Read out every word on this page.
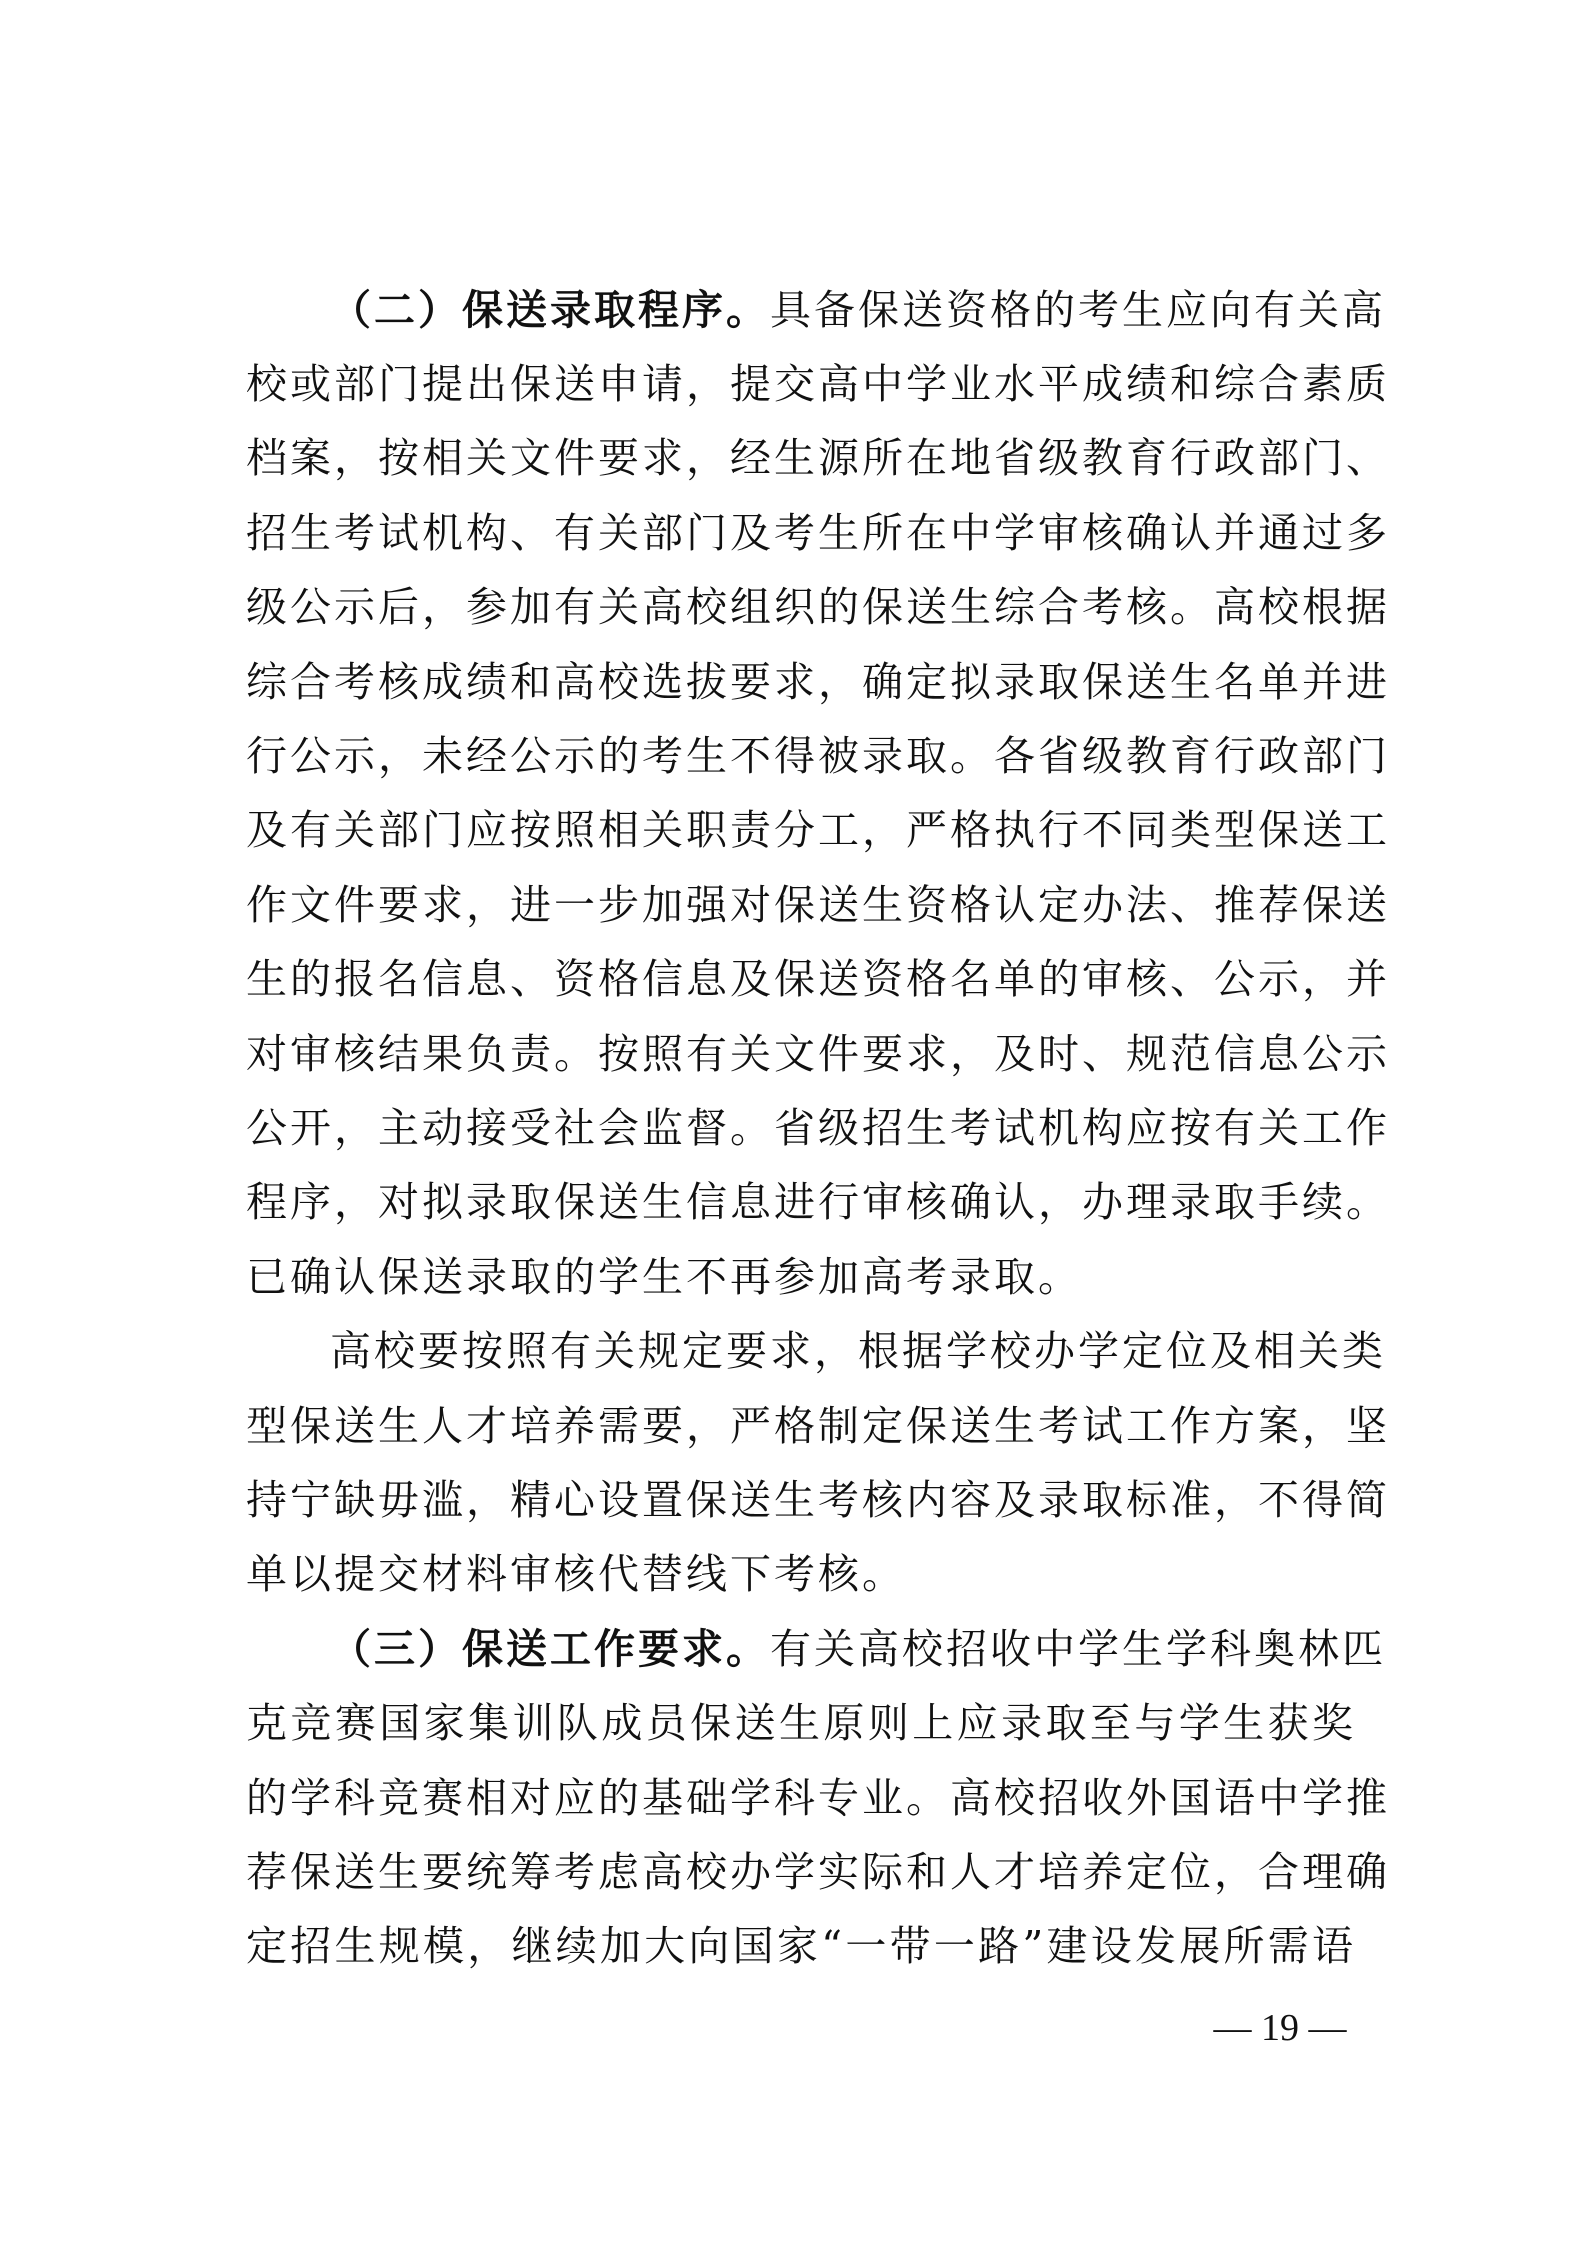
（二）保送录取程序。具备保送资格的考生应向有关高
校或部门提出保送申请，提交高中学业水平成绩和综合素质
档案，按相关文件要求，经生源所在地省级教育行政部门、
招生考试机构、有关部门及考生所在中学审核确认并通过多
级公示后，参加有关高校组织的保送生综合考核。高校根据
综合考核成绩和高校选拔要求，确定拟录取保送生名单并进
行公示，未经公示的考生不得被录取。各省级教育行政部门
及有关部门应按照相关职责分工，严格执行不同类型保送工
作文件要求，进一步加强对保送生资格认定办法、推荐保送
生的报名信息、资格信息及保送资格名单的审核、公示，并
对审核结果负责。按照有关文件要求，及时、规范信息公示
公开，主动接受社会监督。省级招生考试机构应按有关工作
程序，对拟录取保送生信息进行审核确认，办理录取手续。
已确认保送录取的学生不再参加高考录取。
高校要按照有关规定要求，根据学校办学定位及相关类
型保送生人才培养需要，严格制定保送生考试工作方案，坚
持宁缺毋滥，精心设置保送生考核内容及录取标准，不得简
单以提交材料审核代替线下考核。
（三）保送工作要求。有关高校招收中学生学科奥林匹
克竞赛国家集训队成员保送生原则上应录取至与学生获奖
的学科竞赛相对应的基础学科专业。高校招收外国语中学推
荐保送生要统筹考虑高校办学实际和人才培养定位，合理确
定招生规模，继续加大向国家“一带一路”建设发展所需语
— 19 —
